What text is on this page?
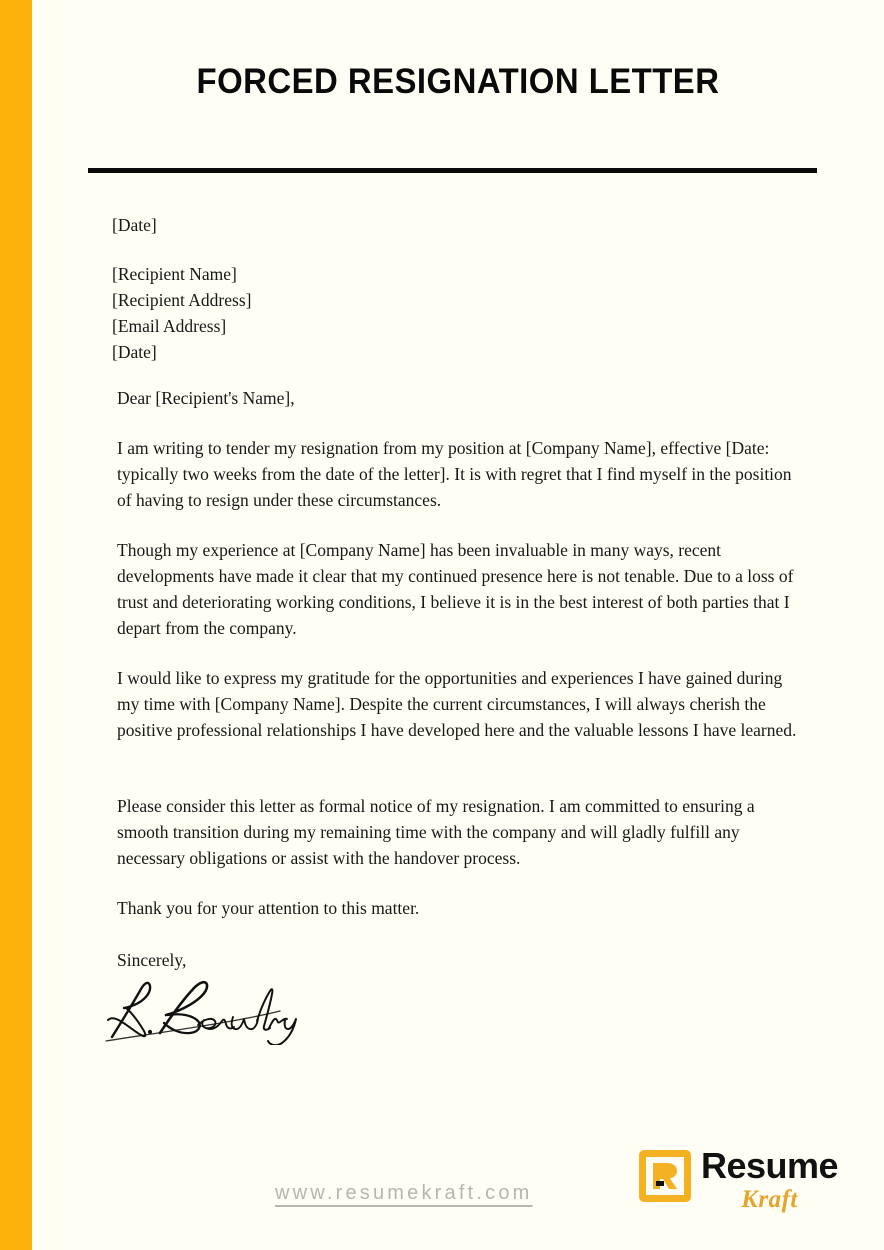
FORCED RESIGNATION LETTER
[Date]
[Recipient Name]
[Recipient Address]
[Email Address]
[Date]
Dear [Recipient's Name],
I am writing to tender my resignation from my position at [Company Name], effective [Date: typically two weeks from the date of the letter]. It is with regret that I find myself in the position of having to resign under these circumstances.
Though my experience at [Company Name] has been invaluable in many ways, recent developments have made it clear that my continued presence here is not tenable. Due to a loss of trust and deteriorating working conditions, I believe it is in the best interest of both parties that I depart from the company.
I would like to express my gratitude for the opportunities and experiences I have gained during my time with [Company Name]. Despite the current circumstances, I will always cherish the positive professional relationships I have developed here and the valuable lessons I have learned.
Please consider this letter as formal notice of my resignation. I am committed to ensuring a smooth transition during my remaining time with the company and will gladly fulfill any necessary obligations or assist with the handover process.
Thank you for your attention to this matter.
Sincerely,
www.resumekraft.com
Resume
Kraft
